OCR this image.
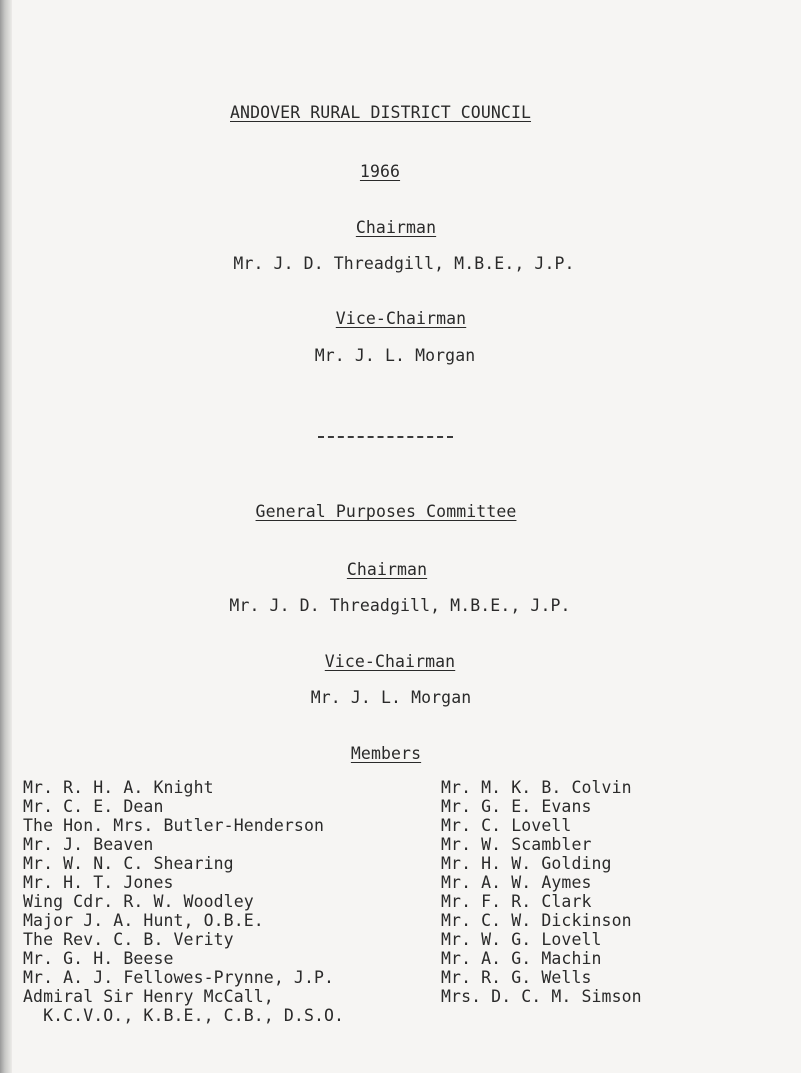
ANDOVER RURAL DISTRICT COUNCIL
1966
Chairman
Mr. J. D. Threadgill, M.B.E., J.P.
Vice-Chairman
Mr. J. L. Morgan
General Purposes Committee
Chairman
Mr. J. D. Threadgill, M.B.E., J.P.
Vice-Chairman
Mr. J. L. Morgan
Members
Mr. R. H. A. Knight
Mr. C. E. Dean
The Hon. Mrs. Butler-Henderson
Mr. J. Beaven
Mr. W. N. C. Shearing
Mr. H. T. Jones
Wing Cdr. R. W. Woodley
Major J. A. Hunt, O.B.E.
The Rev. C. B. Verity
Mr. G. H. Beese
Mr. A. J. Fellowes-Prynne, J.P.
Admiral Sir Henry McCall,
K.C.V.O., K.B.E., C.B., D.S.O.
Mr. M. K. B. Colvin
Mr. G. E. Evans
Mr. C. Lovell
Mr. W. Scambler
Mr. H. W. Golding
Mr. A. W. Aymes
Mr. F. R. Clark
Mr. C. W. Dickinson
Mr. W. G. Lovell
Mr. A. G. Machin
Mr. R. G. Wells
Mrs. D. C. M. Simson
